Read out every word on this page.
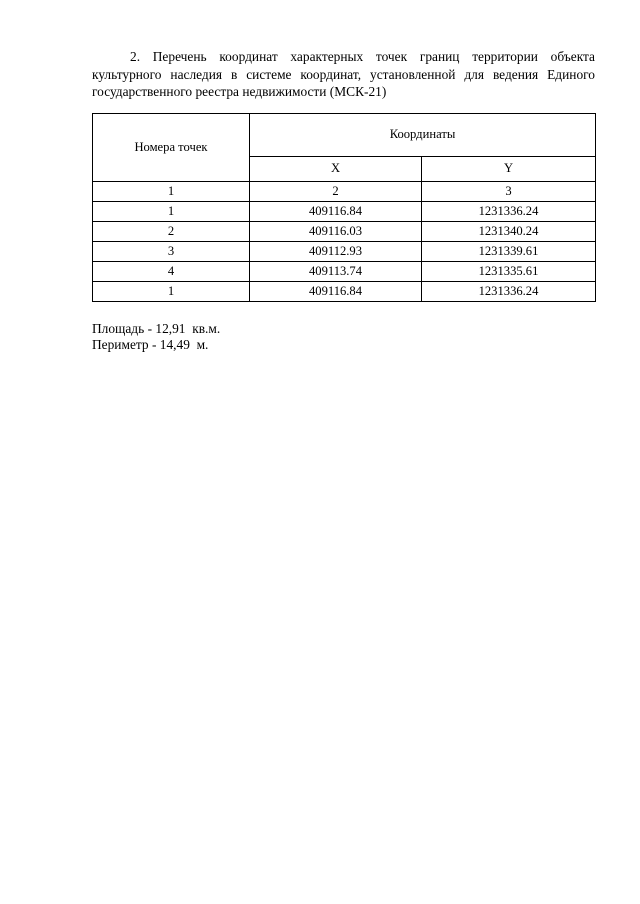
2. Перечень координат характерных точек границ территории объекта культурного наследия в системе координат, установленной для ведения Единого государственного реестра недвижимости (МСК-21)

Номера точек	Координаты	
	X	Y
1	2	3
1	409116.84	1231336.24
2	409116.03	1231340.24
3	409112.93	1231339.61
4	409113.74	1231335.61
1	409116.84	1231336.24
Площадь - 12,91  кв.м.
Периметр - 14,49  м.
